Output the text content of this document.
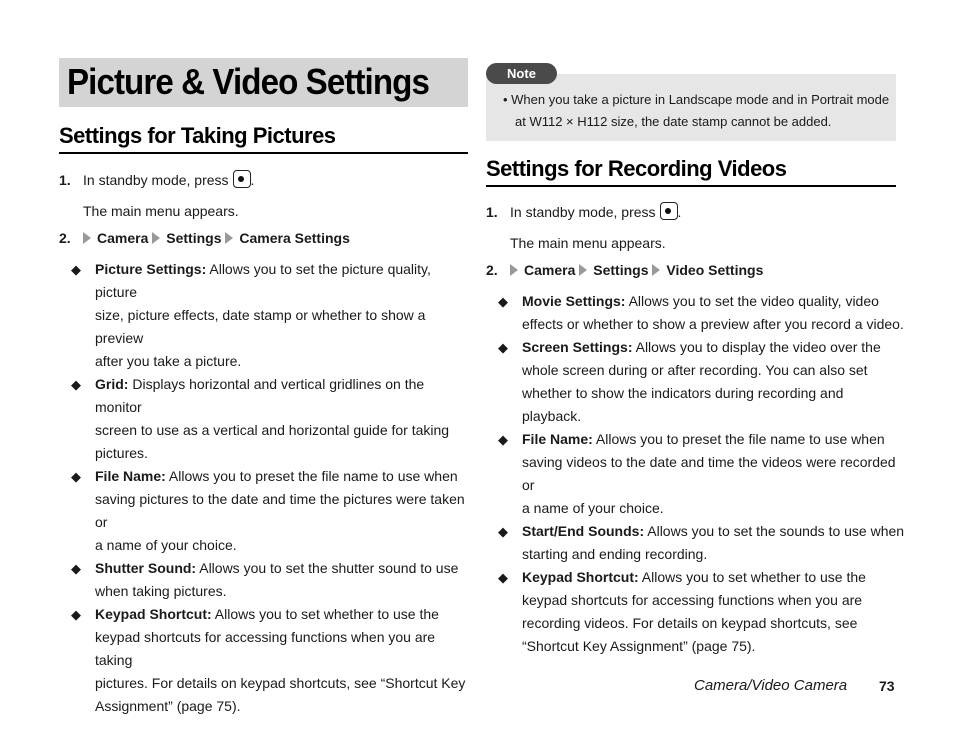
Picture & Video Settings
Settings for Taking Pictures
1. In standby mode, press .
The main menu appears.
2.	Camera Settings Camera Settings
◆ Picture Settings: Allows you to set the picture quality, picture
size, picture effects, date stamp or whether to show a preview
after you take a picture.
◆ Grid: Displays horizontal and vertical gridlines on the monitor
screen to use as a vertical and horizontal guide for taking
pictures.
◆ File Name: Allows you to preset the file name to use when
saving pictures to the date and time the pictures were taken or
a name of your choice.
◆ Shutter Sound: Allows you to set the shutter sound to use
when taking pictures.
◆ Keypad Shortcut: Allows you to set whether to use the
keypad shortcuts for accessing functions when you are taking
pictures. For details on keypad shortcuts, see “Shortcut Key
Assignment” (page 75).
Note
• When you take a picture in Landscape mode and in Portrait mode
at W112 × H112 size, the date stamp cannot be added.
Settings for Recording Videos
1. In standby mode, press .
The main menu appears.
2.	Camera Settings Video Settings
◆ Movie Settings: Allows you to set the video quality, video
effects or whether to show a preview after you record a video.
◆ Screen Settings: Allows you to display the video over the
whole screen during or after recording. You can also set
whether to show the indicators during recording and playback.
◆ File Name: Allows you to preset the file name to use when
saving videos to the date and time the videos were recorded or
a name of your choice.
◆ Start/End Sounds: Allows you to set the sounds to use when
starting and ending recording.
◆ Keypad Shortcut: Allows you to set whether to use the
keypad shortcuts for accessing functions when you are
recording videos. For details on keypad shortcuts, see
“Shortcut Key Assignment” (page 75).
Camera/Video Camera 73
